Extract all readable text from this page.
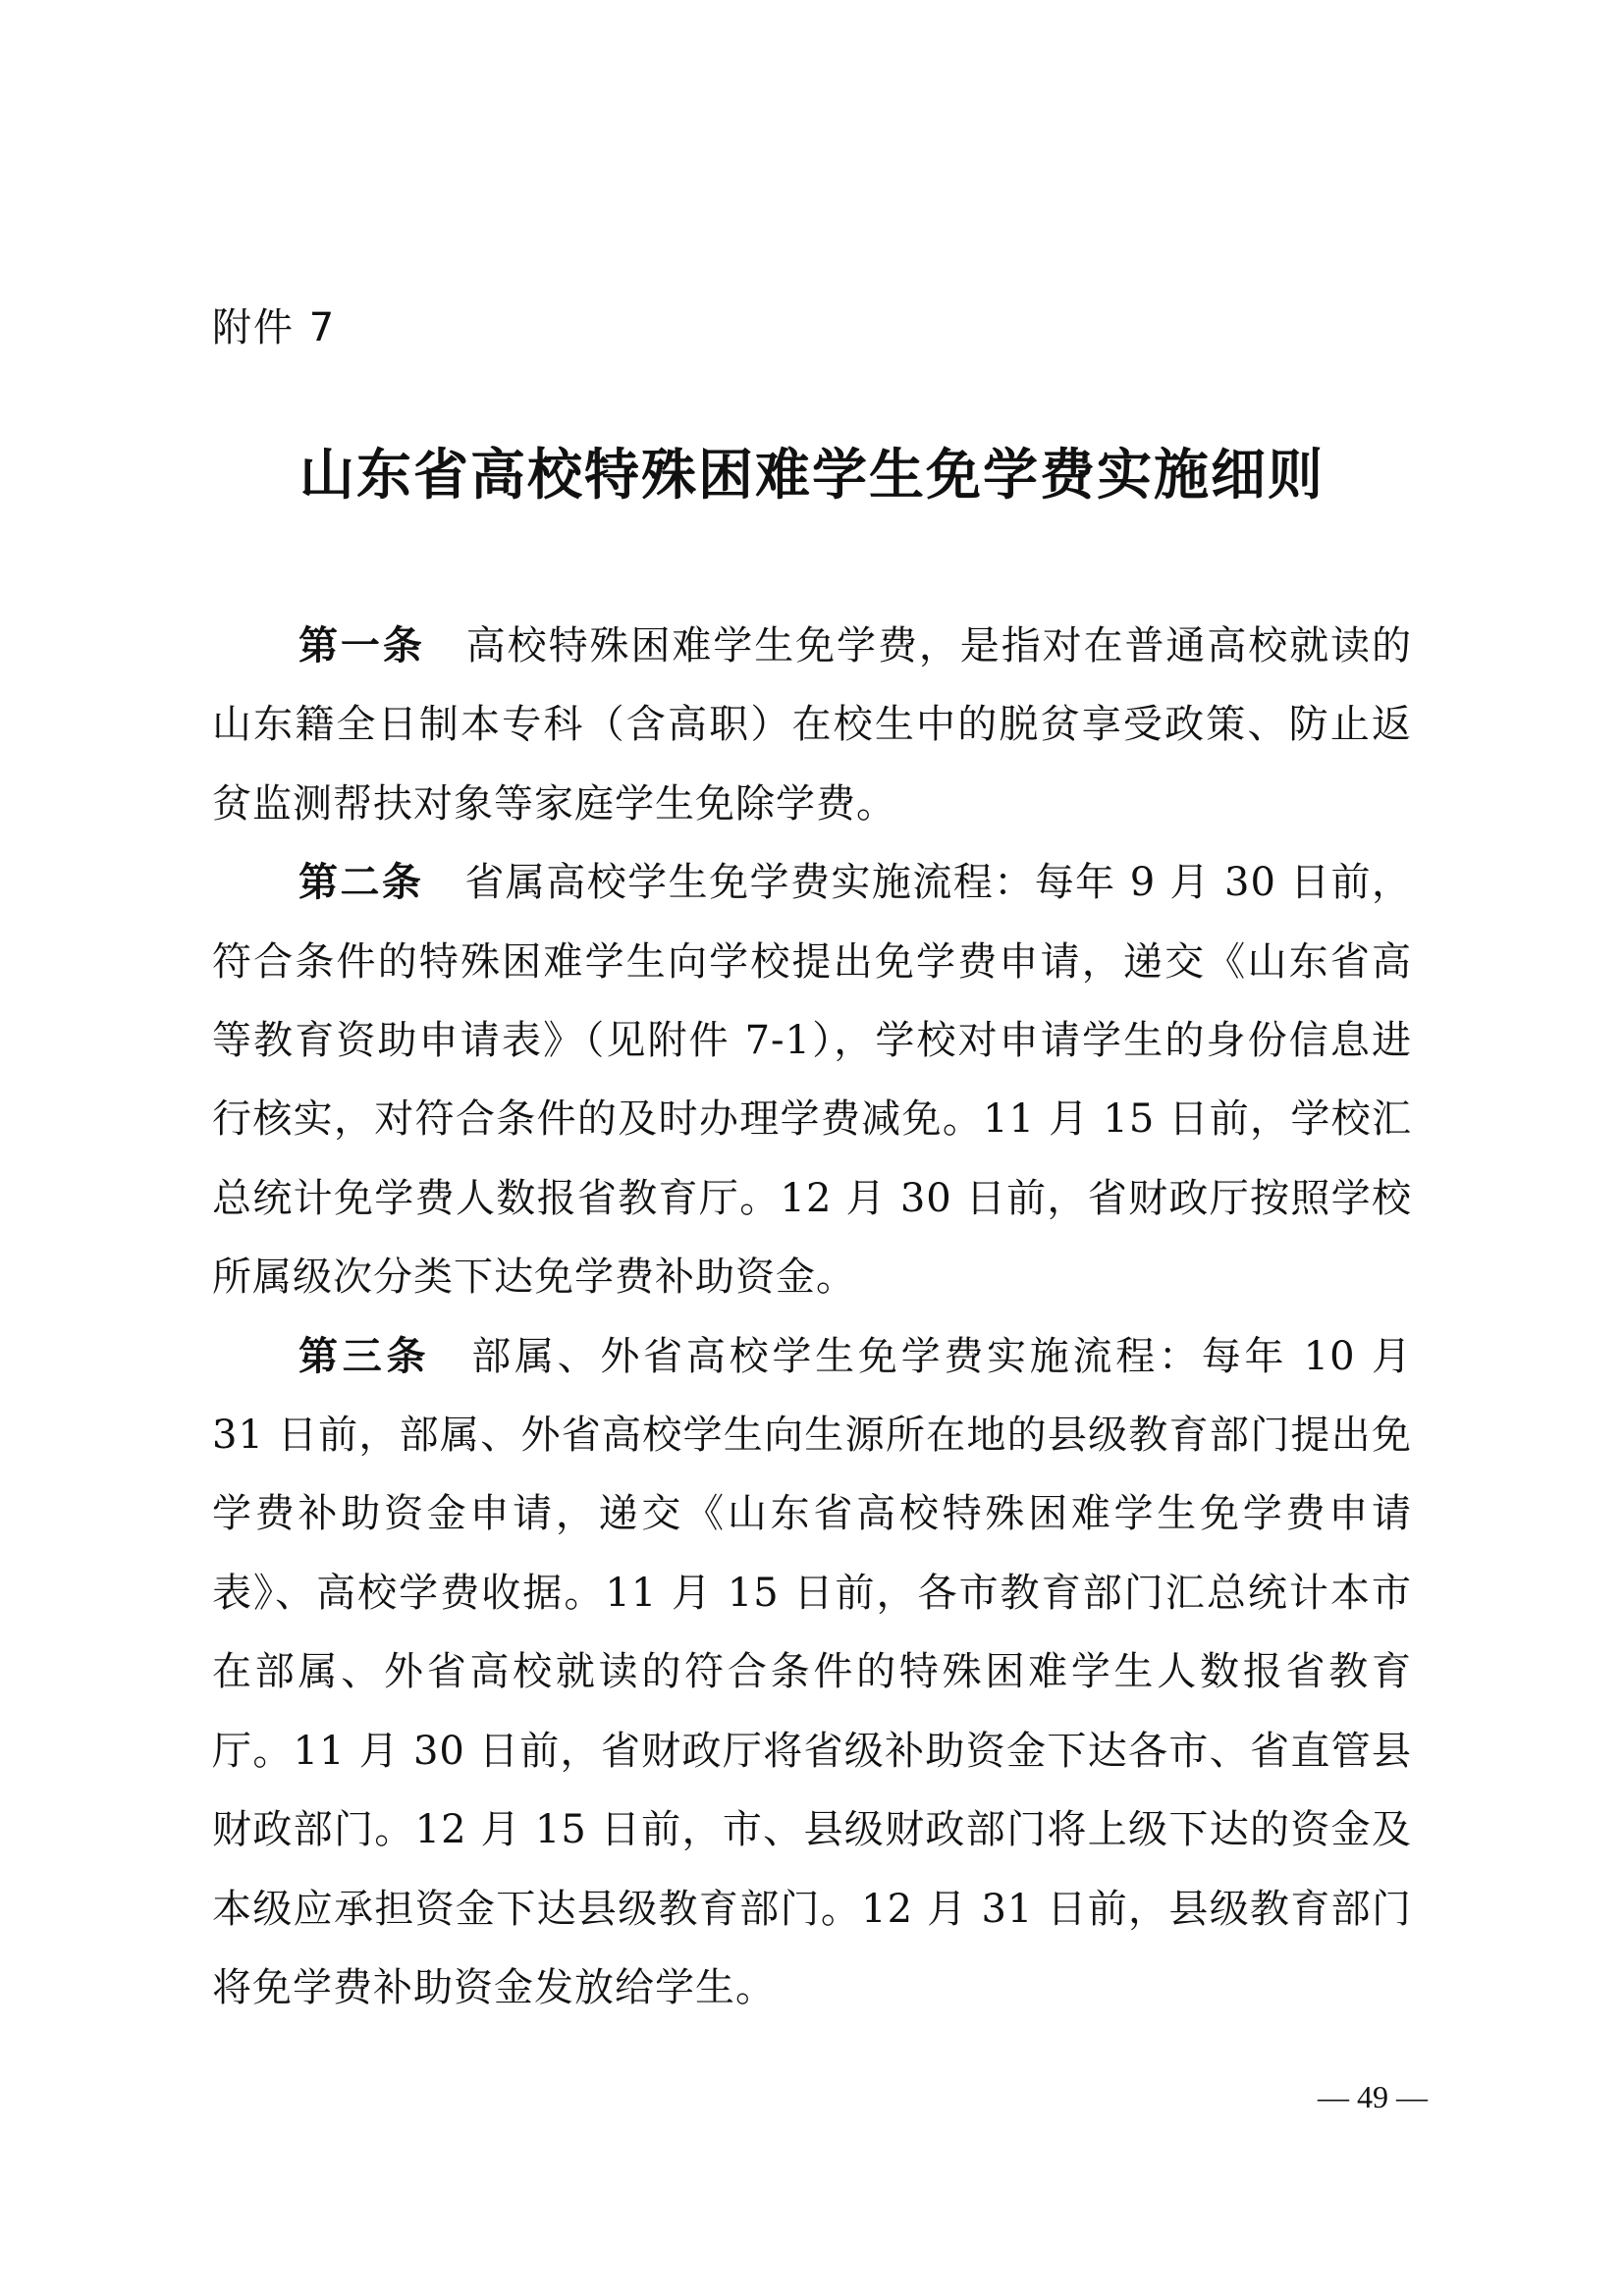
附件 7
山东省高校特殊困难学生免学费实施细则

第一条 高校特殊困难学生免学费，是指对在普通高校就读的山东籍全日制本专科（含高职）在校生中的脱贫享受政策、防止返贫监测帮扶对象等家庭学生免除学费。

第二条 省属高校学生免学费实施流程：每年 9 月 30 日前，符合条件的特殊困难学生向学校提出免学费申请，递交《山东省高等教育资助申请表》（见附件 7-1），学校对申请学生的身份信息进行核实，对符合条件的及时办理学费减免。11 月 15 日前，学校汇总统计免学费人数报省教育厅。12 月 30 日前，省财政厅按照学校所属级次分类下达免学费补助资金。

第三条 部属、外省高校学生免学费实施流程：每年 10 月 31 日前，部属、外省高校学生向生源所在地的县级教育部门提出免学费补助资金申请，递交《山东省高校特殊困难学生免学费申请表》、高校学费收据。11 月 15 日前，各市教育部门汇总统计本市在部属、外省高校就读的符合条件的特殊困难学生人数报省教育厅。11 月 30 日前，省财政厅将省级补助资金下达各市、省直管县财政部门。12 月 15 日前，市、县级财政部门将上级下达的资金及本级应承担资金下达县级教育部门。12 月 31 日前，县级教育部门将免学费补助资金发放给学生。

— 49 —
